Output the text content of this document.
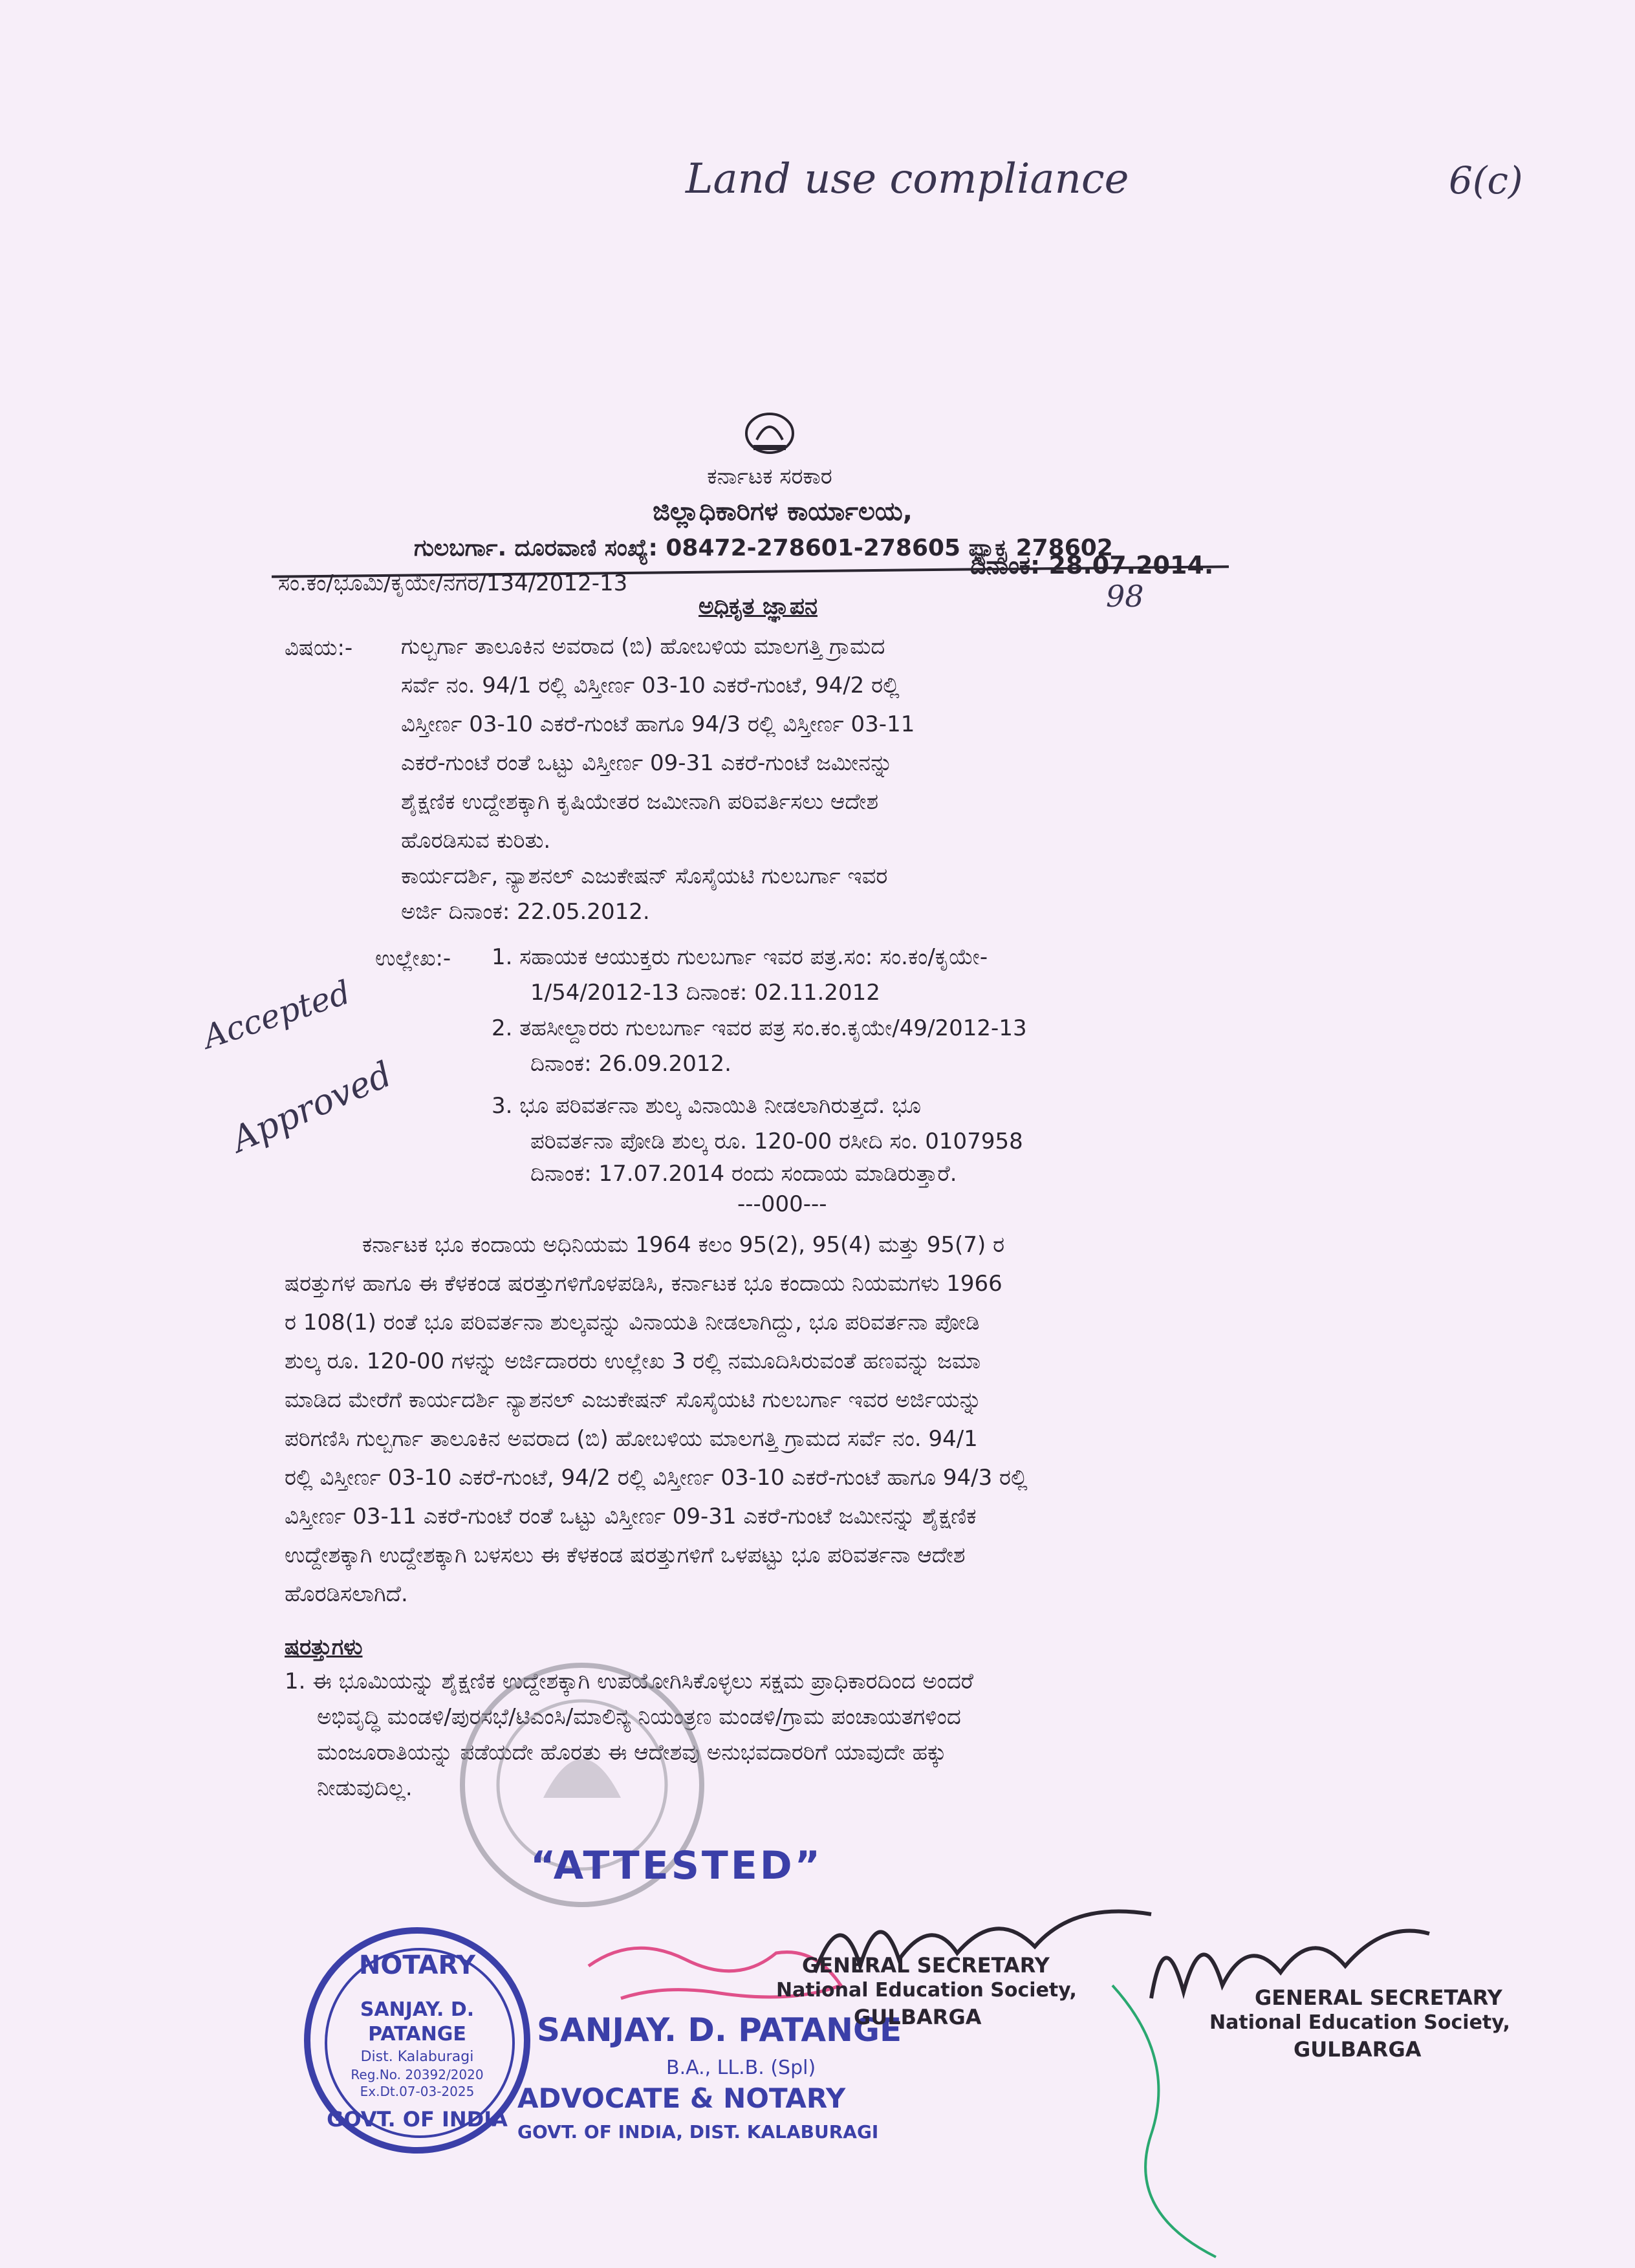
Land use compliance	6(c)
ಕರ್ನಾಟಕ ಸರಕಾರ
ಜಿಲ್ಲಾಧಿಕಾರಿಗಳ ಕಾರ್ಯಾಲಯ,
ಗುಲಬರ್ಗಾ. ದೂರವಾಣಿ ಸಂಖ್ಯೆ: 08472-278601-278605 ಫ್ಯಾಕ್ಸ 278602
ಸಂ.ಕಂ/ಭೂಮಿ/ಕೃಯೇ/ನಗರ/134/2012-13
ದಿನಾಂಕ: 28.07.2014.
ಅಧಿಕೃತ ಜ್ಞಾಪನ	98
ವಿಷಯ:- ಗುಲ್ಬರ್ಗಾ ತಾಲೂಕಿನ ಅವರಾದ (ಬಿ) ಹೋಬಳಿಯ ಮಾಲಗತ್ತಿ ಗ್ರಾಮದ
ಸರ್ವೆ ನಂ. 94/1 ರಲ್ಲಿ ವಿಸ್ತೀರ್ಣ 03-10 ಎಕರೆ-ಗುಂಟೆ, 94/2 ರಲ್ಲಿ
ವಿಸ್ತೀರ್ಣ 03-10 ಎಕರೆ-ಗುಂಟೆ ಹಾಗೂ 94/3 ರಲ್ಲಿ ವಿಸ್ತೀರ್ಣ 03-11
ಎಕರೆ-ಗುಂಟೆ ರಂತೆ ಒಟ್ಟು ವಿಸ್ತೀರ್ಣ 09-31 ಎಕರೆ-ಗುಂಟೆ ಜಮೀನನ್ನು
ಶೈಕ್ಷಣಿಕ ಉದ್ದೇಶಕ್ಕಾಗಿ ಕೃಷಿಯೇತರ ಜಮೀನಾಗಿ ಪರಿವರ್ತಿಸಲು ಆದೇಶ
ಹೊರಡಿಸುವ ಕುರಿತು.
ಕಾರ್ಯದರ್ಶಿ, ನ್ಯಾಶನಲ್ ಎಜುಕೇಷನ್ ಸೊಸೈಯಟಿ ಗುಲಬರ್ಗಾ ಇವರ
ಅರ್ಜಿ ದಿನಾಂಕ: 22.05.2012.
Accepted
Approved
ಉಲ್ಲೇಖ:- 1. ಸಹಾಯಕ ಆಯುಕ್ತರು ಗುಲಬರ್ಗಾ ಇವರ ಪತ್ರ.ಸಂ: ಸಂ.ಕಂ/ಕೃಯೇ-
1/54/2012-13 ದಿನಾಂಕ: 02.11.2012
2. ತಹಸೀಲ್ದಾರರು ಗುಲಬರ್ಗಾ ಇವರ ಪತ್ರ ಸಂ.ಕಂ.ಕೃಯೇ/49/2012-13
ದಿನಾಂಕ: 26.09.2012.
3. ಭೂ ಪರಿವರ್ತನಾ ಶುಲ್ಕ ವಿನಾಯಿತಿ ನೀಡಲಾಗಿರುತ್ತದೆ. ಭೂ
ಪರಿವರ್ತನಾ ಪೋಡಿ ಶುಲ್ಕ ರೂ. 120-00 ರಸೀದಿ ಸಂ. 0107958
ದಿನಾಂಕ: 17.07.2014 ರಂದು ಸಂದಾಯ ಮಾಡಿರುತ್ತಾರೆ.
---000---
ಕರ್ನಾಟಕ ಭೂ ಕಂದಾಯ ಅಧಿನಿಯಮ 1964 ಕಲಂ 95(2), 95(4) ಮತ್ತು 95(7) ರ
ಷರತ್ತುಗಳ ಹಾಗೂ ಈ ಕೆಳಕಂಡ ಷರತ್ತುಗಳಿಗೊಳಪಡಿಸಿ, ಕರ್ನಾಟಕ ಭೂ ಕಂದಾಯ ನಿಯಮಗಳು 1966
ರ 108(1) ರಂತೆ ಭೂ ಪರಿವರ್ತನಾ ಶುಲ್ಕವನ್ನು ವಿನಾಯತಿ ನೀಡಲಾಗಿದ್ದು, ಭೂ ಪರಿವರ್ತನಾ ಪೋಡಿ
ಶುಲ್ಕ ರೂ. 120-00 ಗಳನ್ನು ಅರ್ಜಿದಾರರು ಉಲ್ಲೇಖ 3 ರಲ್ಲಿ ನಮೂದಿಸಿರುವಂತೆ ಹಣವನ್ನು ಜಮಾ
ಮಾಡಿದ ಮೇರೆಗೆ ಕಾರ್ಯದರ್ಶಿ ನ್ಯಾಶನಲ್ ಎಜುಕೇಷನ್ ಸೊಸೈಯಟಿ ಗುಲಬರ್ಗಾ ಇವರ ಅರ್ಜಿಯನ್ನು
ಪರಿಗಣಿಸಿ ಗುಲ್ಬರ್ಗಾ ತಾಲೂಕಿನ ಅವರಾದ (ಬಿ) ಹೋಬಳಿಯ ಮಾಲಗತ್ತಿ ಗ್ರಾಮದ ಸರ್ವೆ ನಂ. 94/1
ರಲ್ಲಿ ವಿಸ್ತೀರ್ಣ 03-10 ಎಕರೆ-ಗುಂಟೆ, 94/2 ರಲ್ಲಿ ವಿಸ್ತೀರ್ಣ 03-10 ಎಕರೆ-ಗುಂಟೆ ಹಾಗೂ 94/3 ರಲ್ಲಿ
ವಿಸ್ತೀರ್ಣ 03-11 ಎಕರೆ-ಗುಂಟೆ ರಂತೆ ಒಟ್ಟು ವಿಸ್ತೀರ್ಣ 09-31 ಎಕರೆ-ಗುಂಟೆ ಜಮೀನನ್ನು ಶೈಕ್ಷಣಿಕ
ಉದ್ದೇಶಕ್ಕಾಗಿ ಉದ್ದೇಶಕ್ಕಾಗಿ ಬಳಸಲು ಈ ಕೆಳಕಂಡ ಷರತ್ತುಗಳಿಗೆ ಒಳಪಟ್ಟು ಭೂ ಪರಿವರ್ತನಾ ಆದೇಶ
ಹೊರಡಿಸಲಾಗಿದೆ.
ಷರತ್ತುಗಳು
1. ಈ ಭೂಮಿಯನ್ನು ಶೈಕ್ಷಣಿಕ ಉದ್ದೇಶಕ್ಕಾಗಿ ಉಪಯೋಗಿಸಿಕೊಳ್ಳಲು ಸಕ್ಷಮ ಪ್ರಾಧಿಕಾರದಿಂದ ಅಂದರೆ
ಅಭಿವೃದ್ಧಿ ಮಂಡಳಿ/ಪುರಸಭೆ/ಟಿಎಂಸಿ/ಮಾಲಿನ್ಯ ನಿಯಂತ್ರಣ ಮಂಡಳಿ/ಗ್ರಾಮ ಪಂಚಾಯತಗಳಿಂದ
ಮಂಜೂರಾತಿಯನ್ನು ಪಡೆಯದೇ ಹೊರತು ಈ ಆದೇಶವು ಅನುಭವದಾರರಿಗೆ ಯಾವುದೇ ಹಕ್ಕು
ನೀಡುವುದಿಲ್ಲ.
“ATTESTED”
NOTARY
SANJAY. D.
PATANGE
Dist. Kalaburagi
Reg.No. 20392/2020
Ex.Dt.07-03-2025
GOVT. OF INDIA
SANJAY. D. PATANGE
B.A., LL.B. (Spl)
ADVOCATE & NOTARY
GOVT. OF INDIA, DIST. KALABURAGI
GENERAL SECRETARY
National Education Society,
GULBARGA
GENERAL SECRETARY
National Education Society,
GULBARGA
